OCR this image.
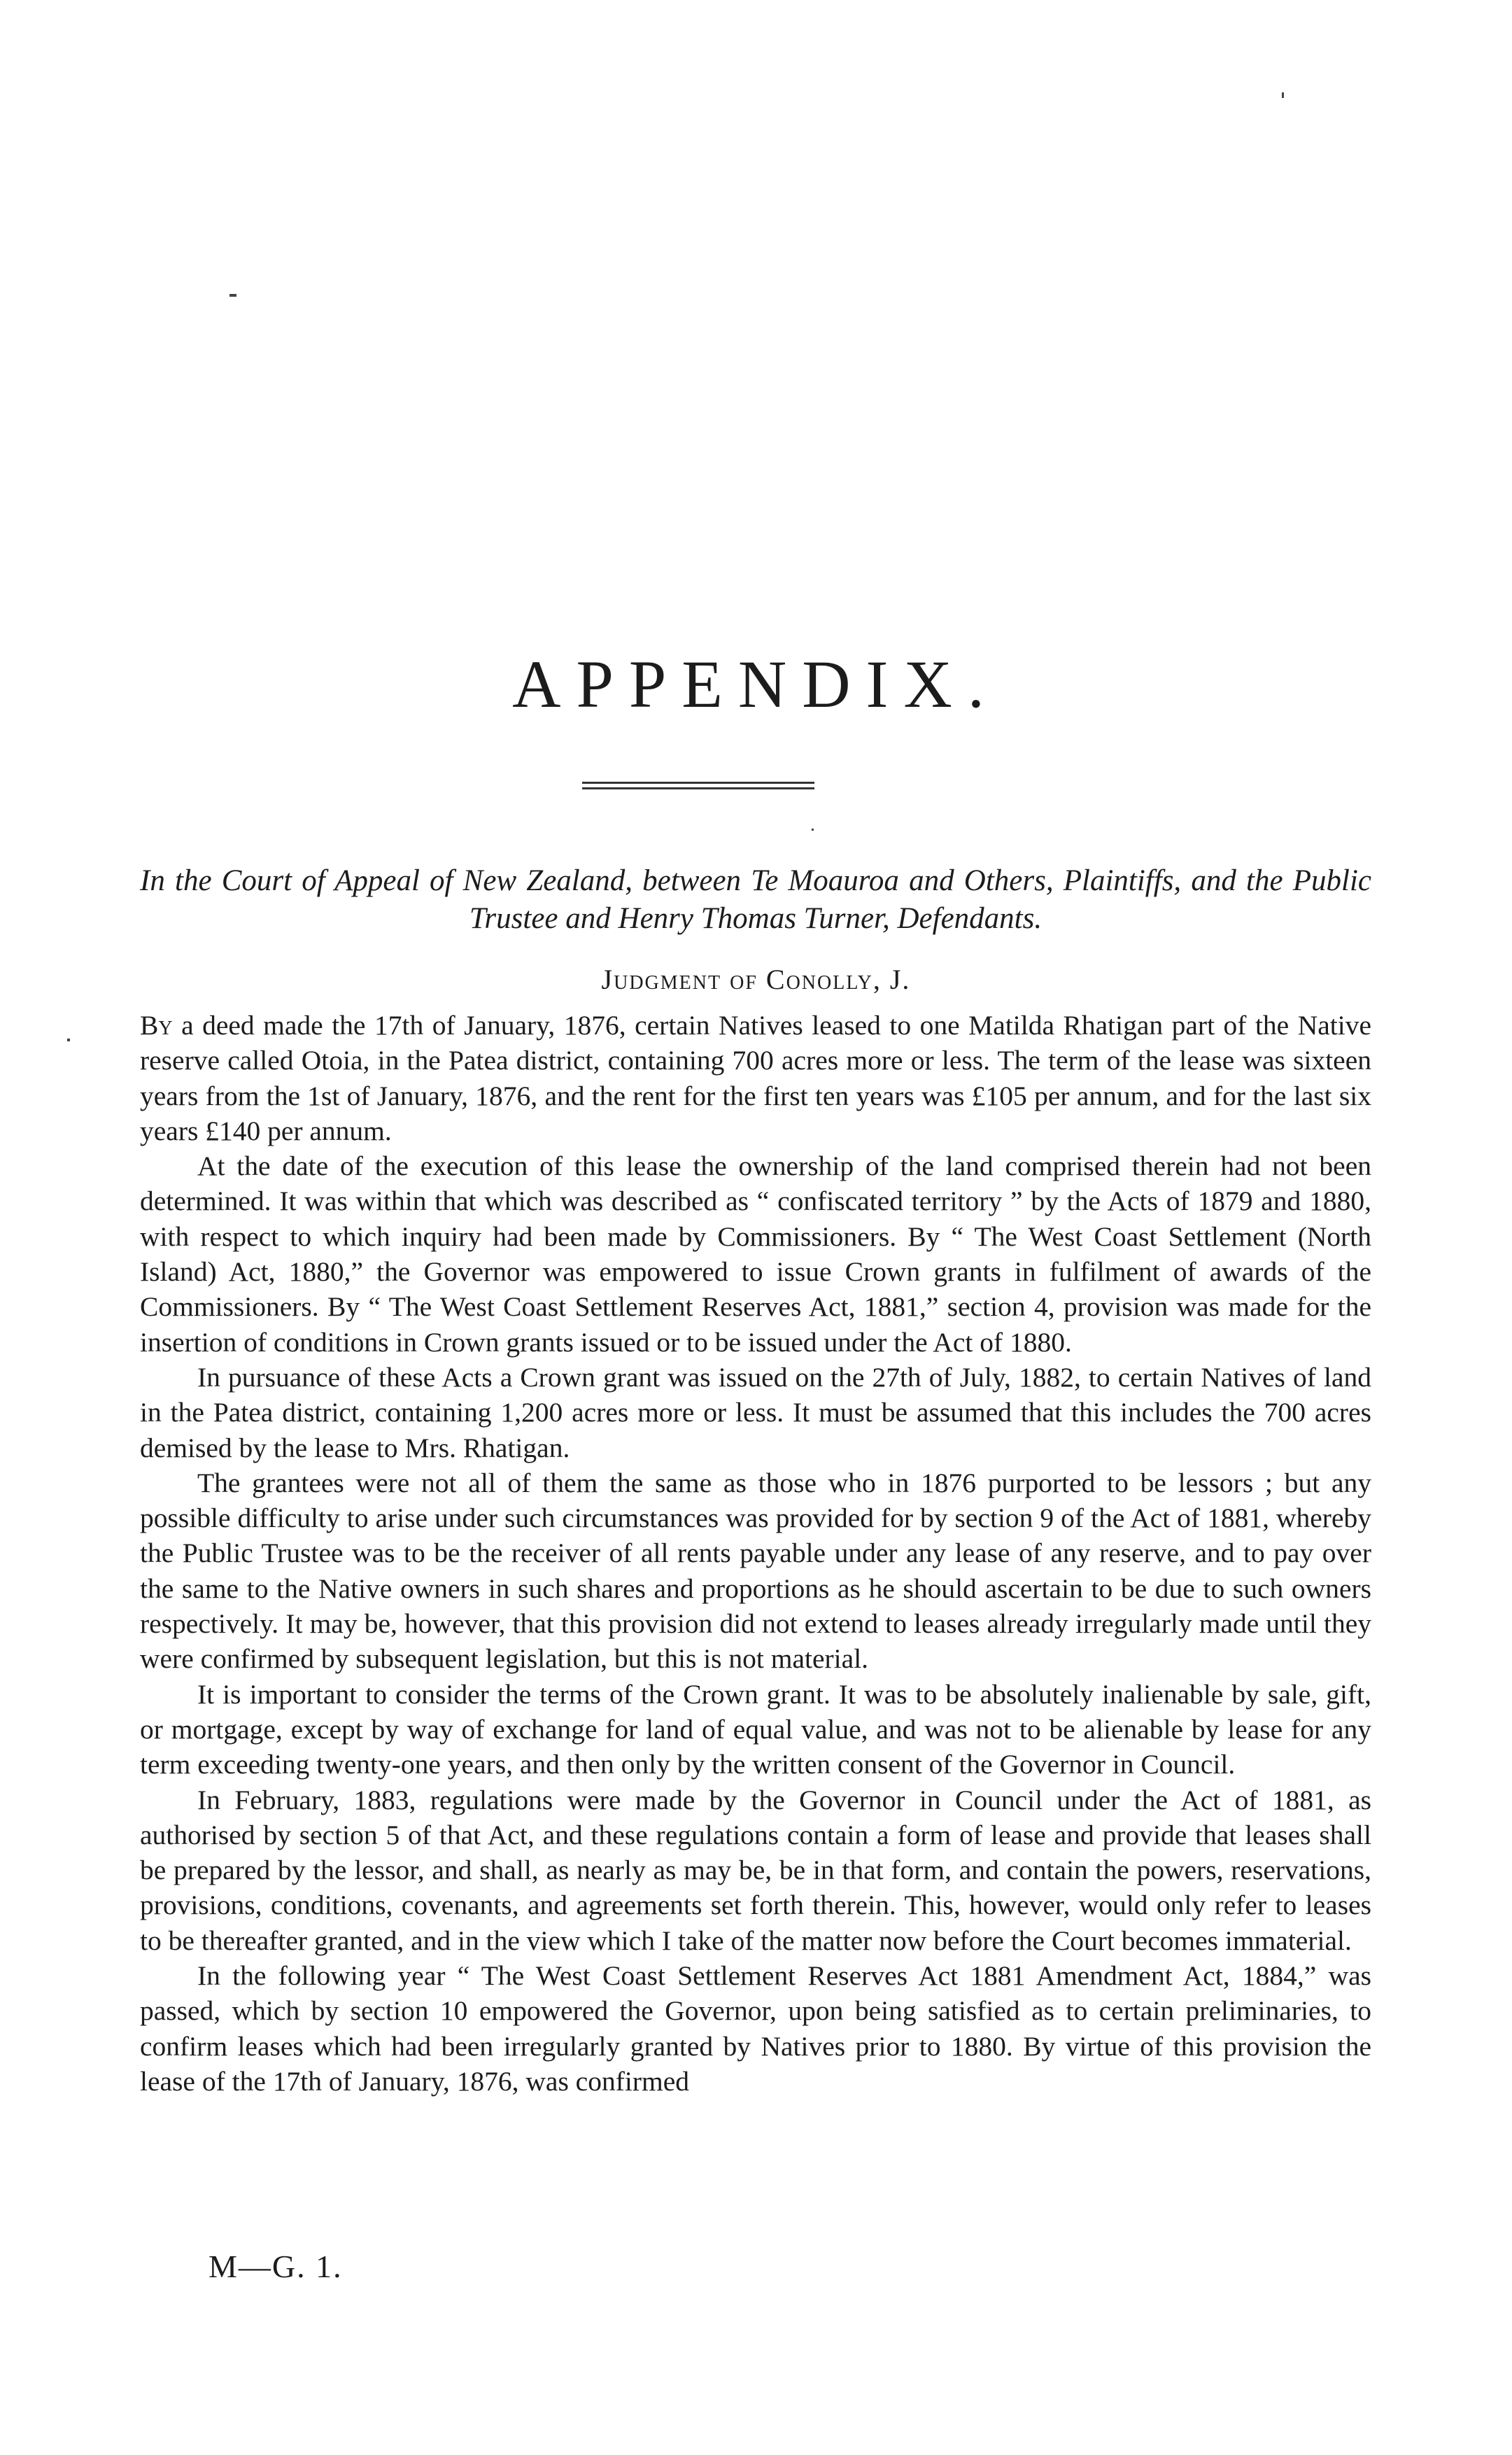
APPENDIX.

In the Court of Appeal of New Zealand, between Te Moauroa and Others, Plaintiffs, and the Public Trustee and Henry Thomas Turner, Defendants.

Judgment of Conolly, J.

By a deed made the 17th of January, 1876, certain Natives leased to one Matilda Rhatigan part of the Native reserve called Otoia, in the Patea district, containing 700 acres more or less. The term of the lease was sixteen years from the 1st of January, 1876, and the rent for the first ten years was £105 per annum, and for the last six years £140 per annum.

At the date of the execution of this lease the ownership of the land comprised therein had not been determined. It was within that which was described as “ confiscated territory ” by the Acts of 1879 and 1880, with respect to which inquiry had been made by Commissioners. By “ The West Coast Settlement (North Island) Act, 1880,” the Governor was empowered to issue Crown grants in fulfilment of awards of the Commissioners. By “ The West Coast Settlement Reserves Act, 1881,” section 4, provision was made for the insertion of conditions in Crown grants issued or to be issued under the Act of 1880.

In pursuance of these Acts a Crown grant was issued on the 27th of July, 1882, to certain Natives of land in the Patea district, containing 1,200 acres more or less. It must be assumed that this includes the 700 acres demised by the lease to Mrs. Rhatigan.

The grantees were not all of them the same as those who in 1876 purported to be lessors ; but any possible difficulty to arise under such circumstances was provided for by section 9 of the Act of 1881, whereby the Public Trustee was to be the receiver of all rents payable under any lease of any reserve, and to pay over the same to the Native owners in such shares and proportions as he should ascertain to be due to such owners respectively. It may be, however, that this provision did not extend to leases already irregularly made until they were confirmed by subsequent legislation, but this is not material.

It is important to consider the terms of the Crown grant. It was to be absolutely inalienable by sale, gift, or mortgage, except by way of exchange for land of equal value, and was not to be alienable by lease for any term exceeding twenty-one years, and then only by the written consent of the Governor in Council.

In February, 1883, regulations were made by the Governor in Council under the Act of 1881, as authorised by section 5 of that Act, and these regulations contain a form of lease and provide that leases shall be prepared by the lessor, and shall, as nearly as may be, be in that form, and contain the powers, reservations, provisions, conditions, covenants, and agreements set forth therein. This, however, would only refer to leases to be thereafter granted, and in the view which I take of the matter now before the Court becomes immaterial.

In the following year “ The West Coast Settlement Reserves Act 1881 Amendment Act, 1884,” was passed, which by section 10 empowered the Governor, upon being satisfied as to certain preliminaries, to confirm leases which had been irregularly granted by Natives prior to 1880. By virtue of this provision the lease of the 17th of January, 1876, was confirmed

M—G. 1.
